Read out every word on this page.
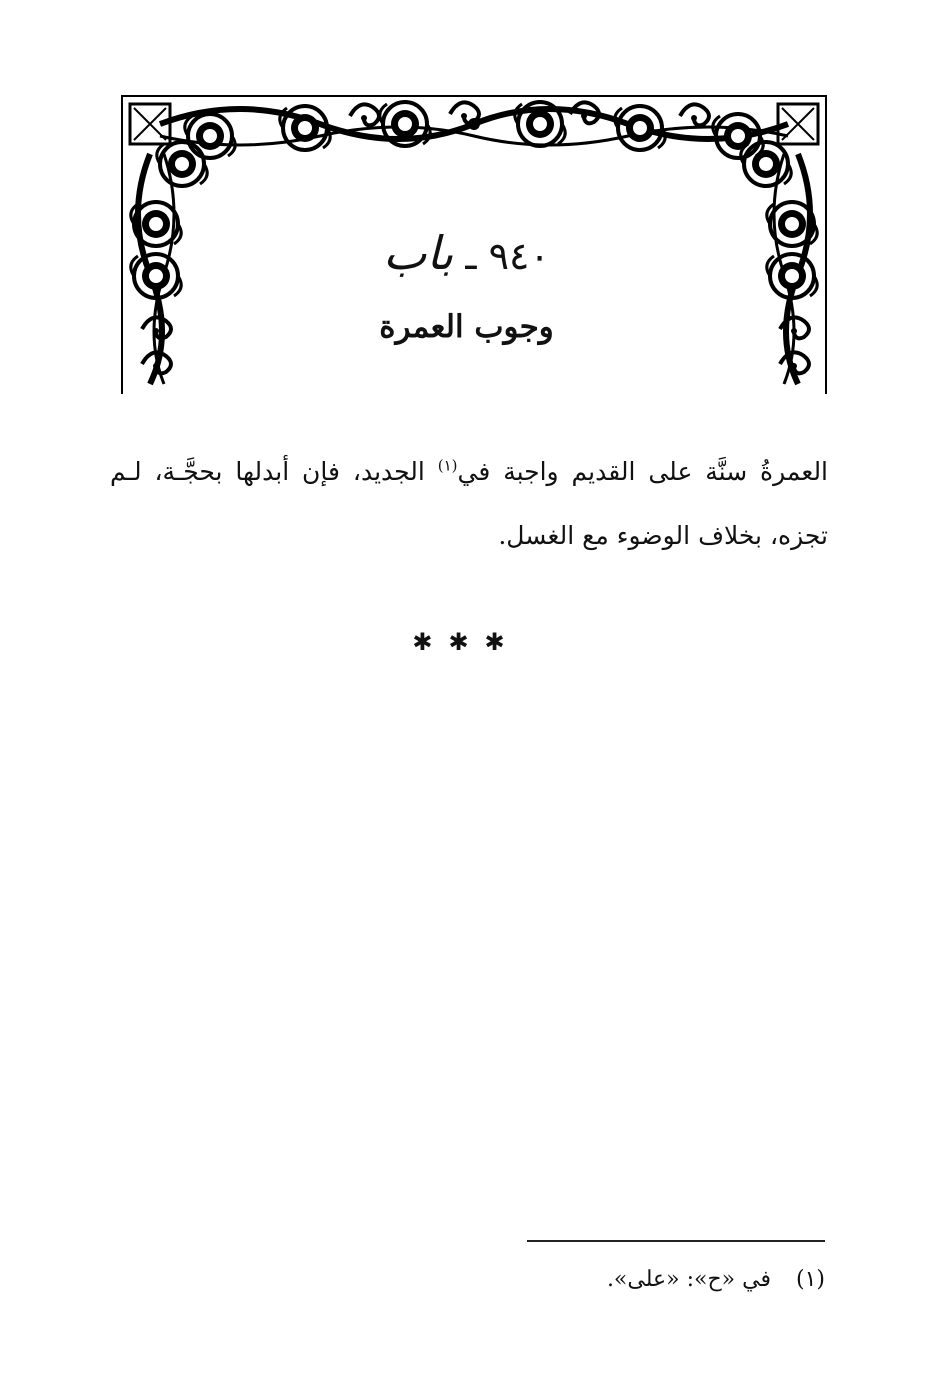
٩٤٠ ـ باب
وجوب العمرة
العمرةُ سنَّة على القديم واجبة في$^{(١)}$ الجديد، فإن أبدلها بحجَّـة، لـم تجزه، بخلاف الوضوء مع الغسل.
✱✱✱
(١) في «ح»: «على».
